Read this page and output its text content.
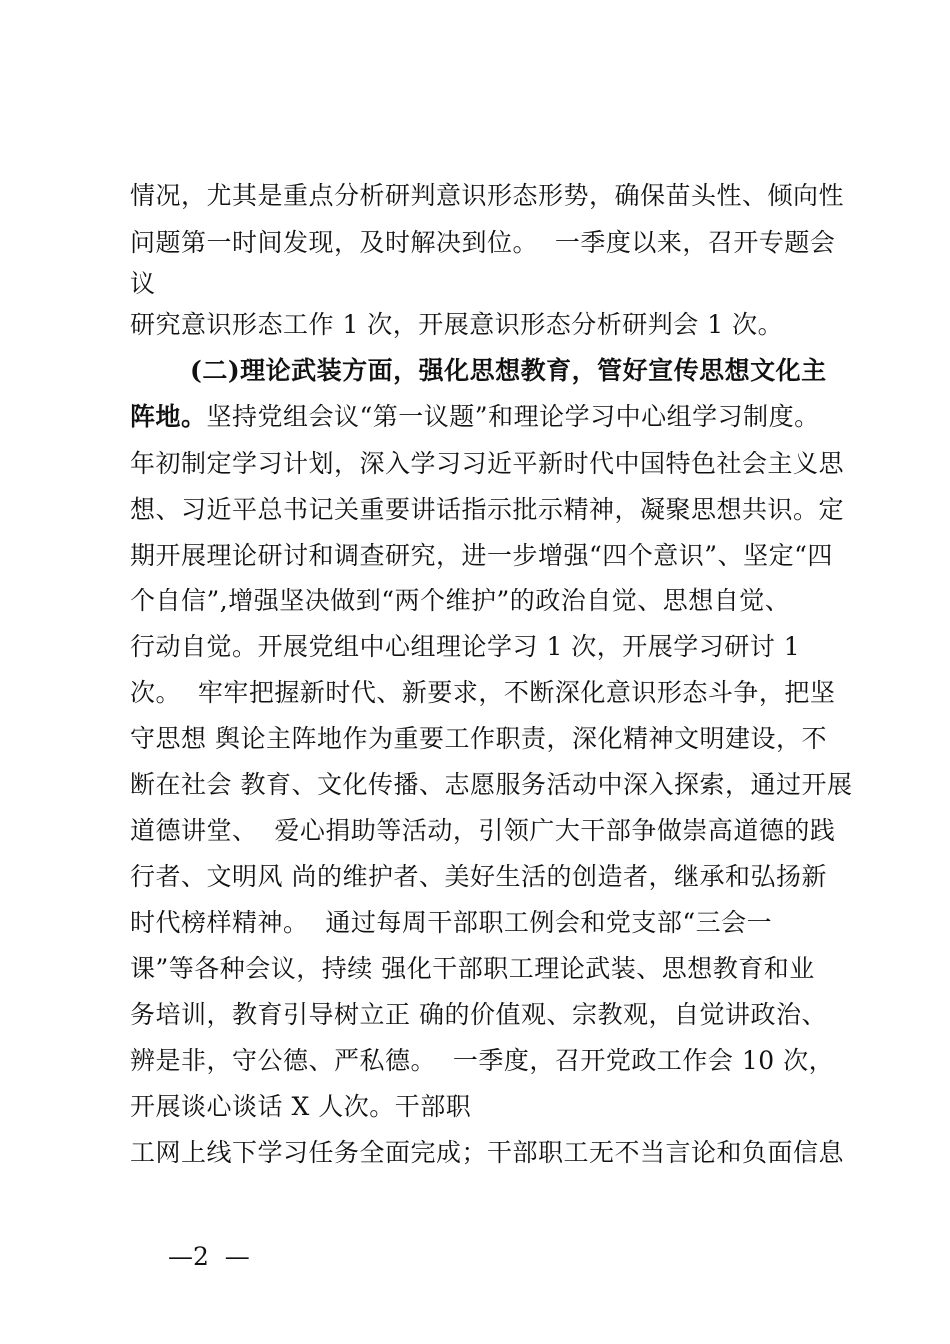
情况，尤其是重点分析研判意识形态形势，确保苗头性、倾向性
问题第一时间发现，及时解决到位。  一季度以来，召开专题会
议
研究意识形态工作 1 次，开展意识形态分析研判会 1 次。
(二)理论武装方面，强化思想教育，管好宣传思想文化主
阵地。坚持党组会议“第一议题”和理论学习中心组学习制度。
年初制定学习计划，深入学习习近平新时代中国特色社会主义思
想、习近平总书记关重要讲话指示批示精神，凝聚思想共识。定
期开展理论研讨和调查研究，进一步增强“四个意识”、坚定“四
个自信”,增强坚决做到“两个维护”的政治自觉、思想自觉、
行动自觉。开展党组中心组理论学习 1 次，开展学习研讨 1
次。  牢牢把握新时代、新要求，不断深化意识形态斗争，把坚
守思想 舆论主阵地作为重要工作职责，深化精神文明建设，不
断在社会 教育、文化传播、志愿服务活动中深入探索，通过开展
道德讲堂、  爱心捐助等活动，引领广大干部争做崇高道德的践
行者、文明风 尚的维护者、美好生活的创造者，继承和弘扬新
时代榜样精神。  通过每周干部职工例会和党支部“三会一
课”等各种会议，持续 强化干部职工理论武装、思想教育和业
务培训，教育引导树立正 确的价值观、宗教观，自觉讲政治、
辨是非，守公德、严私德。  一季度，召开党政工作会 10 次，
开展谈心谈话 X 人次。干部职
工网上线下学习任务全面完成；干部职工无不当言论和负面信息
—2  —
